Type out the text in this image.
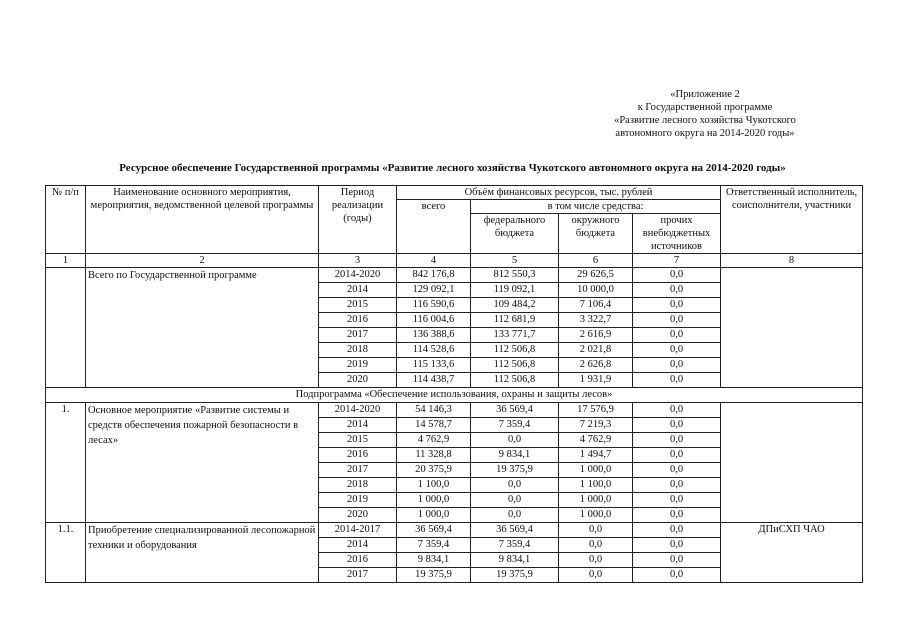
«Приложение 2
к Государственной программе
«Развитие лесного хозяйства Чукотского
автономного округа на 2014-2020 годы»
Ресурсное обеспечение Государственной программы «Развитие лесного хозяйства Чукотского автономного округа на 2014-2020 годы»
№ п/п	Наименование основного мероприятия, мероприятия, ведомственной целевой программы	Период реализации (годы)	Объём финансовых ресурсов, тыс. рублей				Ответственный исполнитель, соисполнители, участники
			всего	в том числе средства:			
				федерального бюджета	окружного бюджета	прочих внебюджетных источников	
1	2	3	4	5	6	7	8
	Всего по Государственной программе	2014-2020	842 176,8	812 550,3	29 626,5	0,0	
		2014	129 092,1	119 092,1	10 000,0	0,0	
		2015	116 590,6	109 484,2	7 106,4	0,0	
		2016	116 004,6	112 681,9	3 322,7	0,0	
		2017	136 388,6	133 771,7	2 616,9	0,0	
		2018	114 528,6	112 506,8	2 021,8	0,0	
		2019	115 133,6	112 506,8	2 626,8	0,0	
		2020	114 438,7	112 506,8	1 931,9	0,0	
Подпрограмма «Обеспечение использования, охраны и защиты лесов»							
1.	Основное мероприятие «Развитие системы и средств обеспечения пожарной безопасности в лесах»	2014-2020	54 146,3	36 569,4	17 576,9	0,0	
		2014	14 578,7	7 359,4	7 219,3	0,0	
		2015	4 762,9	0,0	4 762,9	0,0	
		2016	11 328,8	9 834,1	1 494,7	0,0	
		2017	20 375,9	19 375,9	1 000,0	0,0	
		2018	1 100,0	0,0	1 100,0	0,0	
		2019	1 000,0	0,0	1 000,0	0,0	
		2020	1 000,0	0,0	1 000,0	0,0	
1.1.	Приобретение специализированной лесопожарной техники и оборудования	2014-2017	36 569,4	36 569,4	0,0	0,0	ДПиСХП ЧАО
		2014	7 359,4	7 359,4	0,0	0,0	
		2016	9 834,1	9 834,1	0,0	0,0	
		2017	19 375,9	19 375,9	0,0	0,0	
